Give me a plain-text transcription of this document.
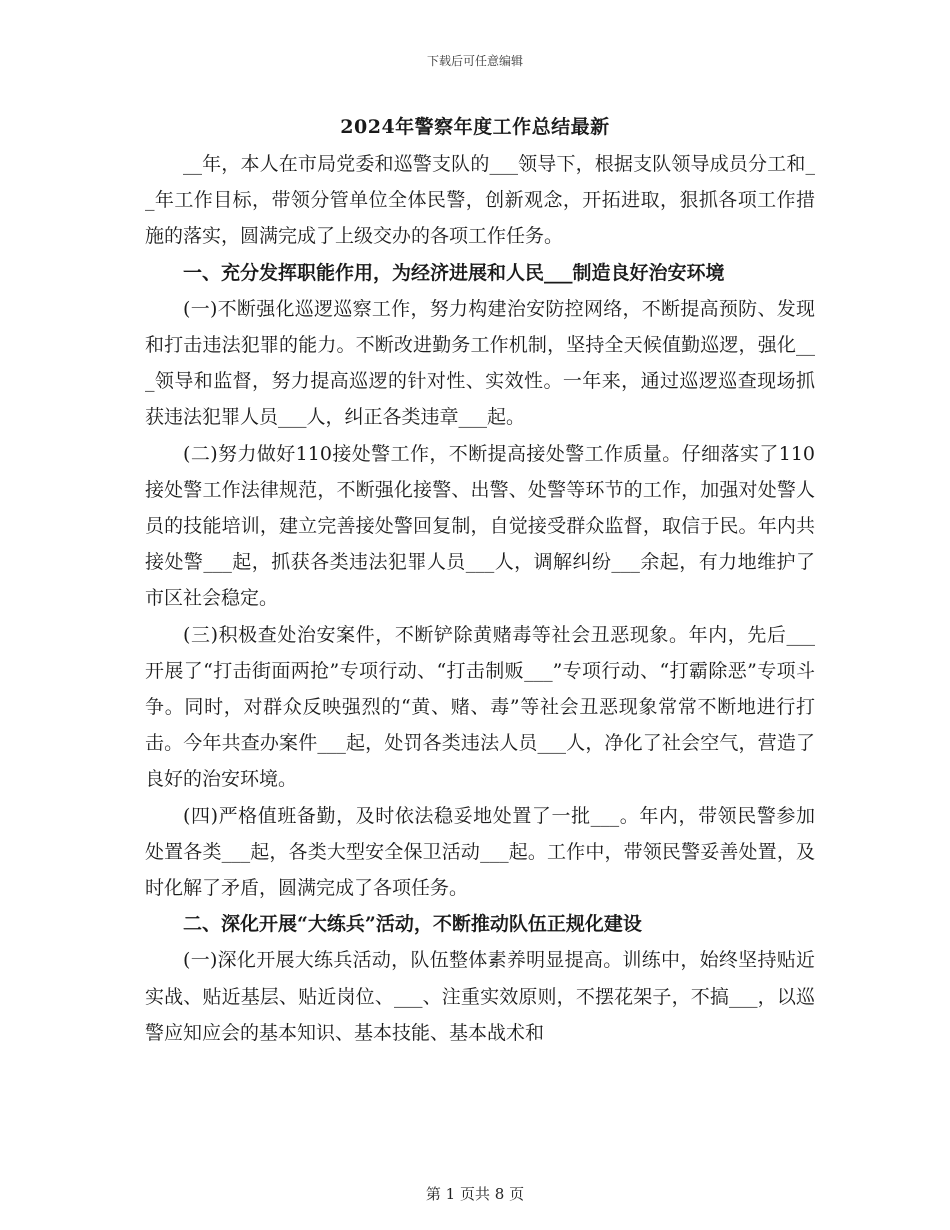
下载后可任意编辑
2024年警察年度工作总结最新

__年，本人在市局党委和巡警支队的___领导下，根据支队领导成员分工和__年工作目标，带领分管单位全体民警，创新观念，开拓进取，狠抓各项工作措施的落实，圆满完成了上级交办的各项工作任务。

一、充分发挥职能作用，为经济进展和人民___制造良好治安环境

(一)不断强化巡逻巡察工作，努力构建治安防控网络，不断提高预防、发现和打击违法犯罪的能力。不断改进勤务工作机制，坚持全天候值勤巡逻，强化___领导和监督，努力提高巡逻的针对性、实效性。一年来，通过巡逻巡查现场抓获违法犯罪人员___人，纠正各类违章___起。

(二)努力做好110接处警工作，不断提高接处警工作质量。仔细落实了110接处警工作法律规范，不断强化接警、出警、处警等环节的工作，加强对处警人员的技能培训，建立完善接处警回复制，自觉接受群众监督，取信于民。年内共接处警___起，抓获各类违法犯罪人员___人，调解纠纷___余起，有力地维护了市区社会稳定。

(三)积极查处治安案件，不断铲除黄赌毒等社会丑恶现象。年内，先后___开展了“打击街面两抢”专项行动、“打击制贩___”专项行动、“打霸除恶”专项斗争。同时，对群众反映强烈的“黄、赌、毒”等社会丑恶现象常常不断地进行打击。今年共查办案件___起，处罚各类违法人员___人，净化了社会空气，营造了良好的治安环境。

(四)严格值班备勤，及时依法稳妥地处置了一批___。年内，带领民警参加处置各类___起，各类大型安全保卫活动___起。工作中，带领民警妥善处置，及时化解了矛盾，圆满完成了各项任务。

二、深化开展“大练兵”活动，不断推动队伍正规化建设

(一)深化开展大练兵活动，队伍整体素养明显提高。训练中，始终坚持贴近实战、贴近基层、贴近岗位、___、注重实效原则，不摆花架子，不搞___，以巡警应知应会的基本知识、基本技能、基本战术和

第 1 页共 8 页
